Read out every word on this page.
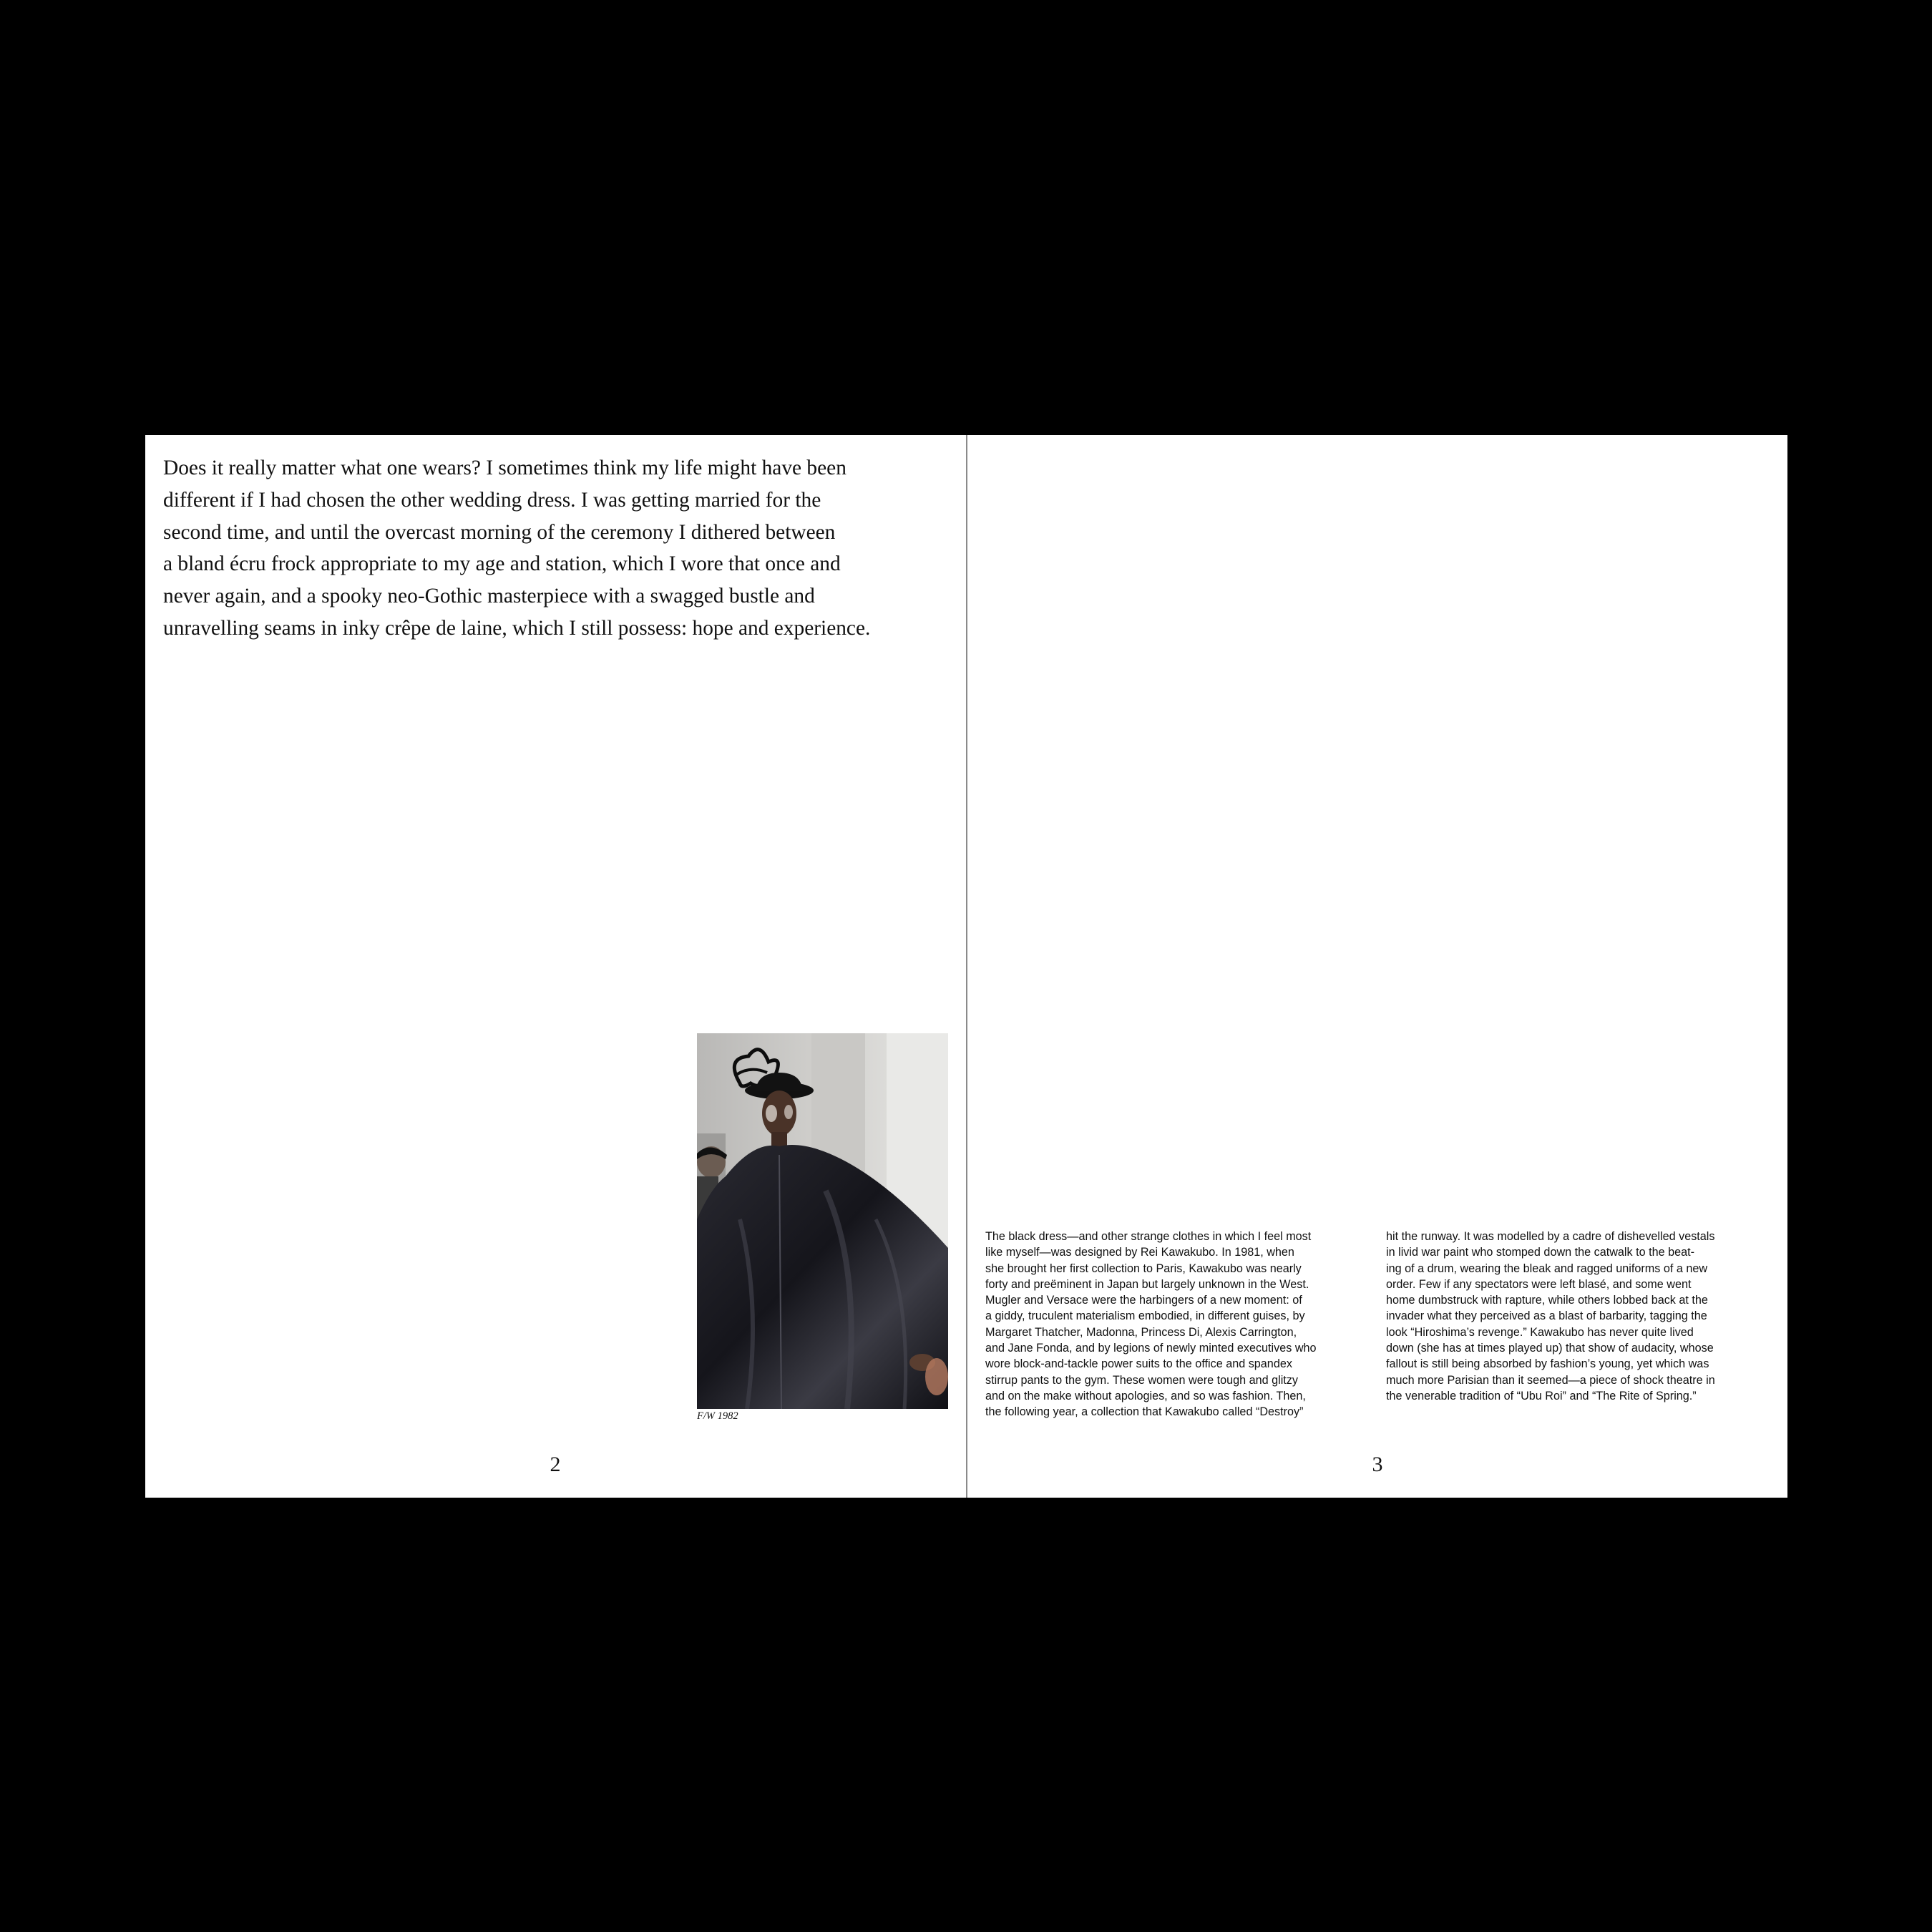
Does it really matter what one wears? I sometimes think my life might have been
different if I had chosen the other wedding dress. I was getting married for the
second time, and until the overcast morning of the ceremony I dithered between
a bland écru frock appropriate to my age and station, which I wore that once and
never again, and a spooky neo-Gothic masterpiece with a swagged bustle and
unravelling seams in inky crêpe de laine, which I still possess: hope and experience.

F/W 1982

2

The black dress—and other strange clothes in which I feel most
like myself—was designed by Rei Kawakubo. In 1981, when
she brought her first collection to Paris, Kawakubo was nearly
forty and preëminent in Japan but largely unknown in the West.
Mugler and Versace were the harbingers of a new moment: of
a giddy, truculent materialism embodied, in different guises, by
Margaret Thatcher, Madonna, Princess Di, Alexis Carrington,
and Jane Fonda, and by legions of newly minted executives who
wore block-and-tackle power suits to the office and spandex
stirrup pants to the gym. These women were tough and glitzy
and on the make without apologies, and so was fashion. Then,
the following year, a collection that Kawakubo called “Destroy”

hit the runway. It was modelled by a cadre of dishevelled vestals
in livid war paint who stomped down the catwalk to the beat-
ing of a drum, wearing the bleak and ragged uniforms of a new
order. Few if any spectators were left blasé, and some went
home dumbstruck with rapture, while others lobbed back at the
invader what they perceived as a blast of barbarity, tagging the
look “Hiroshima’s revenge.” Kawakubo has never quite lived
down (she has at times played up) that show of audacity, whose
fallout is still being absorbed by fashion’s young, yet which was
much more Parisian than it seemed—a piece of shock theatre in
the venerable tradition of “Ubu Roi” and “The Rite of Spring.”

3
